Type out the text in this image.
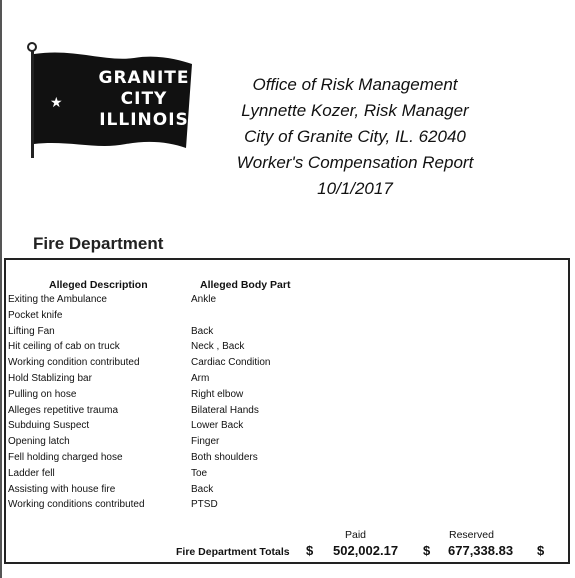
★
GRANITE
CITY
ILLINOIS
Office of Risk Management
Lynnette Kozer, Risk Manager
City of Granite City, IL. 62040
Worker's Compensation Report
10/1/2017
Fire Department
Alleged Description	Alleged Body Part
Exiting the Ambulance	Ankle
Pocket knife
Lifting Fan	Back
Hit ceiling of cab on truck	Neck , Back
Working condition contributed	Cardiac Condition
Hold Stablizing bar	Arm
Pulling on hose	Right elbow
Alleges repetitive trauma	Bilateral Hands
Subduing Suspect	Lower Back
Opening latch	Finger
Fell holding charged hose	Both shoulders
Ladder fell	Toe
Assisting with house fire	Back
Working conditions contributed	PTSD
Paid	Reserved
Fire Department Totals $ 502,002.17 $ 677,338.83 $
